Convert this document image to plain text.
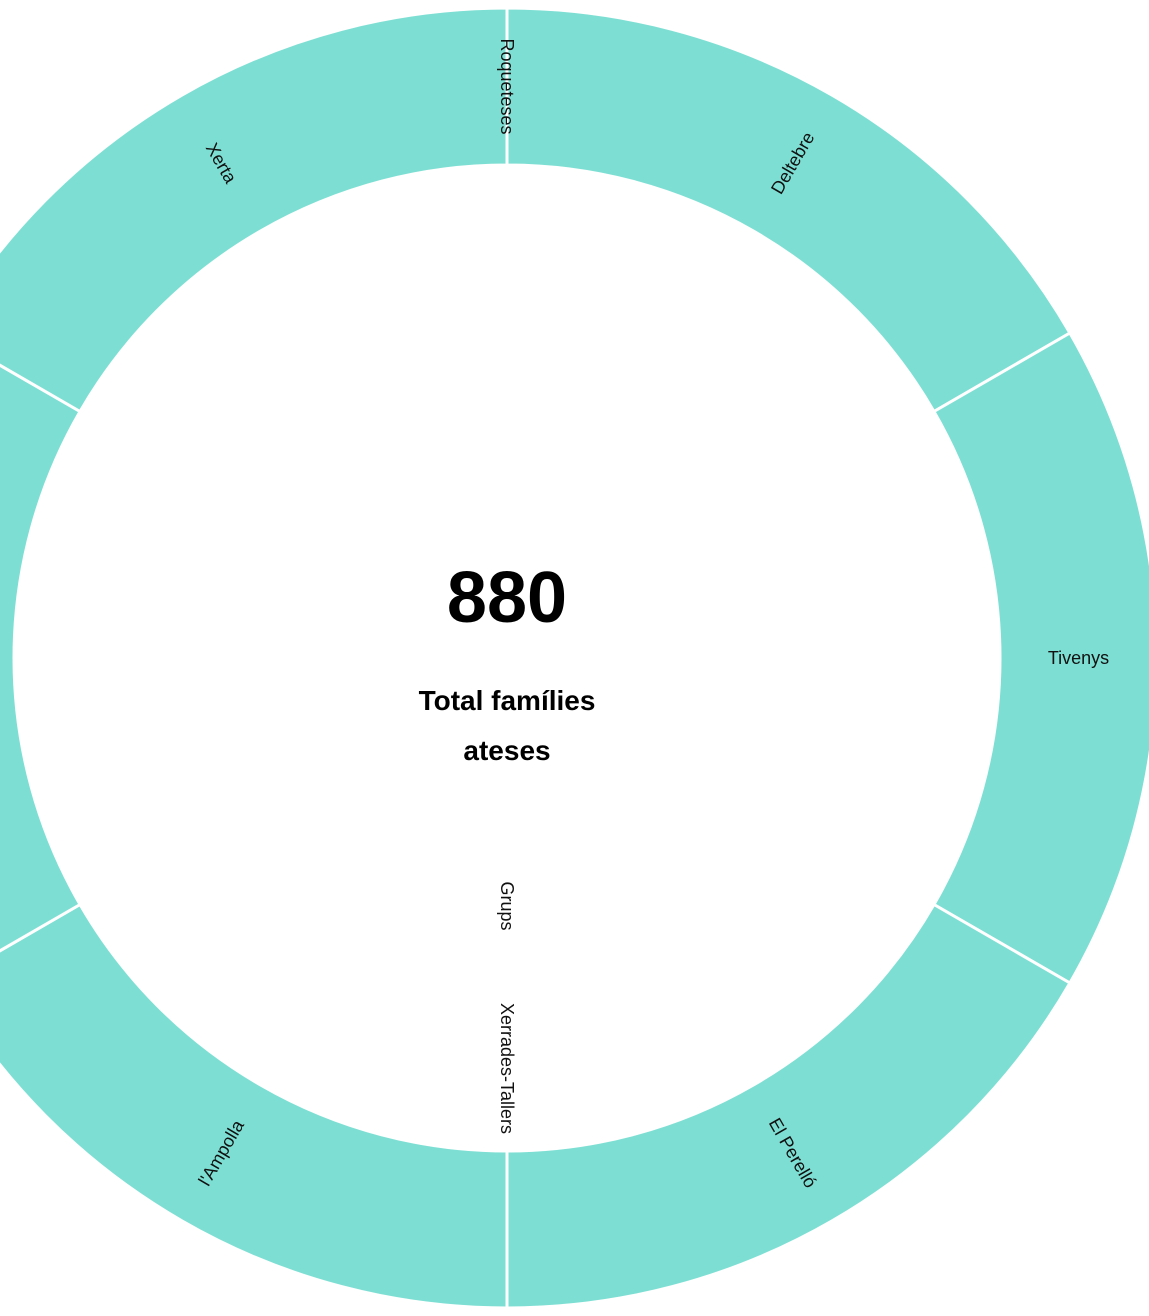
Grups
Xerrades-Tallers
Deltebre
Tivenys
El Perelló
l'Ampolla
Xerta
Roqueteses
880
Total famílies
ateses
